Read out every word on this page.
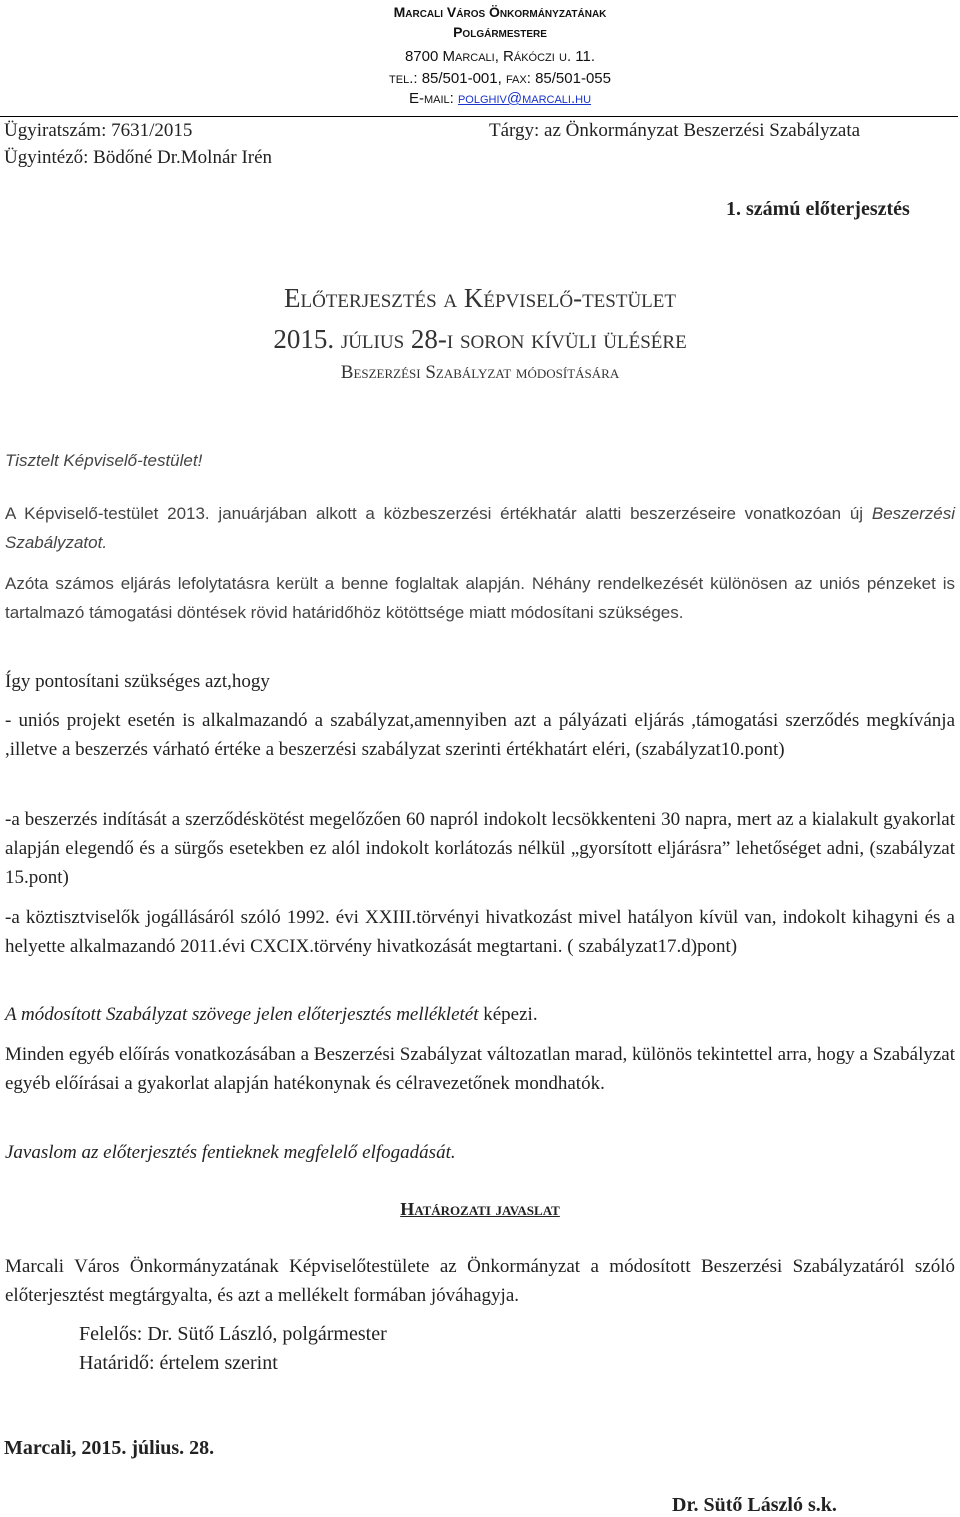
Marcali Város Önkormányzatának
Polgármestere
8700 Marcali, Rákóczi u. 11.
tel.: 85/501-001, fax: 85/501-055
E-mail: polghiv@marcali.hu
Ügyiratszám: 7631/2015
Ügyintéző: Bödőné Dr.Molnár Irén
Tárgy: az Önkormányzat Beszerzési Szabályzata
1. számú előterjesztés
Előterjesztés a Képviselő-testület
2015. július 28-i soron kívüli ülésére
Beszerzési Szabályzat módosítására
Tisztelt Képviselő-testület!
A Képviselő-testület 2013. januárjában alkott a közbeszerzési értékhatár alatti beszerzéseire vonatkozóan új Beszerzési Szabályzatot.
Azóta számos eljárás lefolytatásra került a benne foglaltak alapján. Néhány rendelkezését különösen az uniós pénzeket is tartalmazó támogatási döntések rövid határidőhöz kötöttsége miatt módosítani szükséges.
Így pontosítani szükséges azt,hogy
- uniós projekt esetén is alkalmazandó a szabályzat,amennyiben azt a pályázati eljárás ,támogatási szerződés megkívánja ,illetve a beszerzés várható értéke a beszerzési szabályzat szerinti értékhatárt eléri, (szabályzat10.pont)
-a beszerzés indítását a szerződéskötést megelőzően 60 napról indokolt lecsökkenteni 30 napra, mert az a kialakult gyakorlat alapján elegendő és a sürgős esetekben ez alól indokolt korlátozás nélkül „gyorsított eljárásra” lehetőséget adni, (szabályzat 15.pont)
-a köztisztviselők jogállásáról szóló 1992. évi XXIII.törvényi hivatkozást mivel hatályon kívül van, indokolt kihagyni és a helyette alkalmazandó 2011.évi CXCIX.törvény hivatkozását megtartani. ( szabályzat17.d)pont)
A módosított Szabályzat szövege jelen előterjesztés mellékletét képezi.
Minden egyéb előírás vonatkozásában a Beszerzési Szabályzat változatlan marad, különös tekintettel arra, hogy a Szabályzat egyéb előírásai a gyakorlat alapján hatékonynak és célravezetőnek mondhatók.
Javaslom az előterjesztés fentieknek megfelelő elfogadását.
Határozati javaslat
Marcali Város Önkormányzatának Képviselőtestülete az Önkormányzat a módosított Beszerzési Szabályzatáról szóló előterjesztést megtárgyalta, és azt a mellékelt formában jóváhagyja.
Felelős: Dr. Sütő László, polgármester
Határidő: értelem szerint
Marcali, 2015. július. 28.
Dr. Sütő László s.k.
